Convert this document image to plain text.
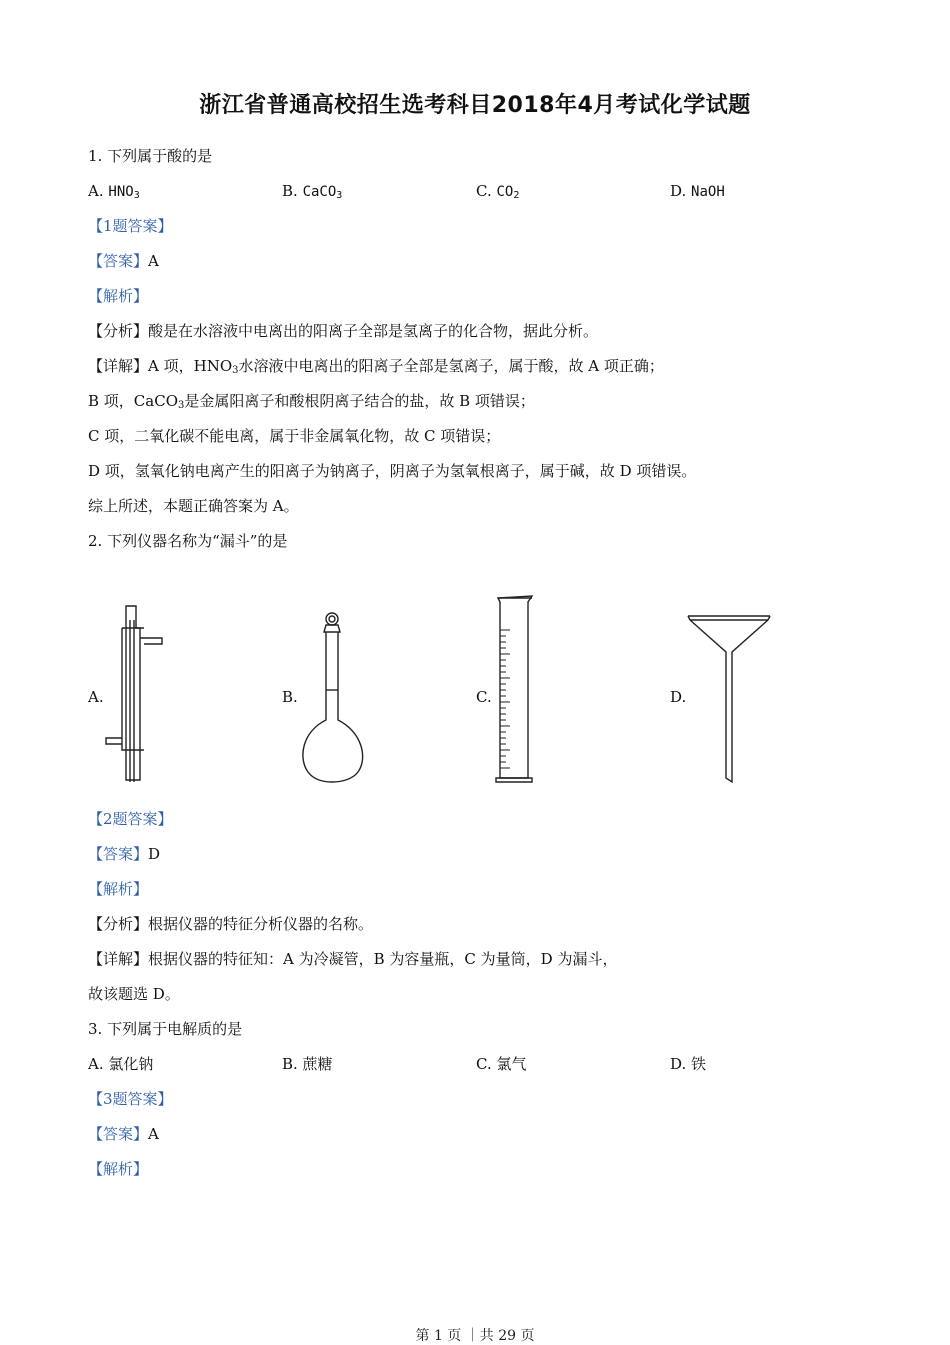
浙江省普通高校招生选考科目2018年4月考试化学试题
1. 下列属于酸的是
A. $HNO_3$	B. CaCO$_3$	C. $CO_2$	D. NaOH
【1题答案】
【答案】A
【解析】
【分析】酸是在水溶液中电离出的阳离子全部是氢离子的化合物，据此分析。
【详解】A 项，$HNO_3$水溶液中电离出的阳离子全部是氢离子，属于酸，故 A 项正确；
B 项，CaCO$_3$是金属阳离子和酸根阴离子结合的盐，故 B 项错误；
C 项，二氧化碳不能电离，属于非金属氧化物，故 C 项错误；
D 项，氢氧化钠电离产生的阳离子为钠离子，阴离子为氢氧根离子，属于碱，故 D 项错误。
综上所述，本题正确答案为 A。
2. 下列仪器名称为“漏斗”的是
A.	B.	C.	D.
【2题答案】
【答案】D
【解析】
【分析】根据仪器的特征分析仪器的名称。
【详解】根据仪器的特征知：A 为冷凝管，B 为容量瓶，C 为量筒，D 为漏斗，
故该题选 D。
3. 下列属于电解质的是
A. 氯化钠	B. 蔗糖	C. 氯气	D. 铁
【3题答案】
【答案】A
【解析】
第 1 页 ｜共 29 页
